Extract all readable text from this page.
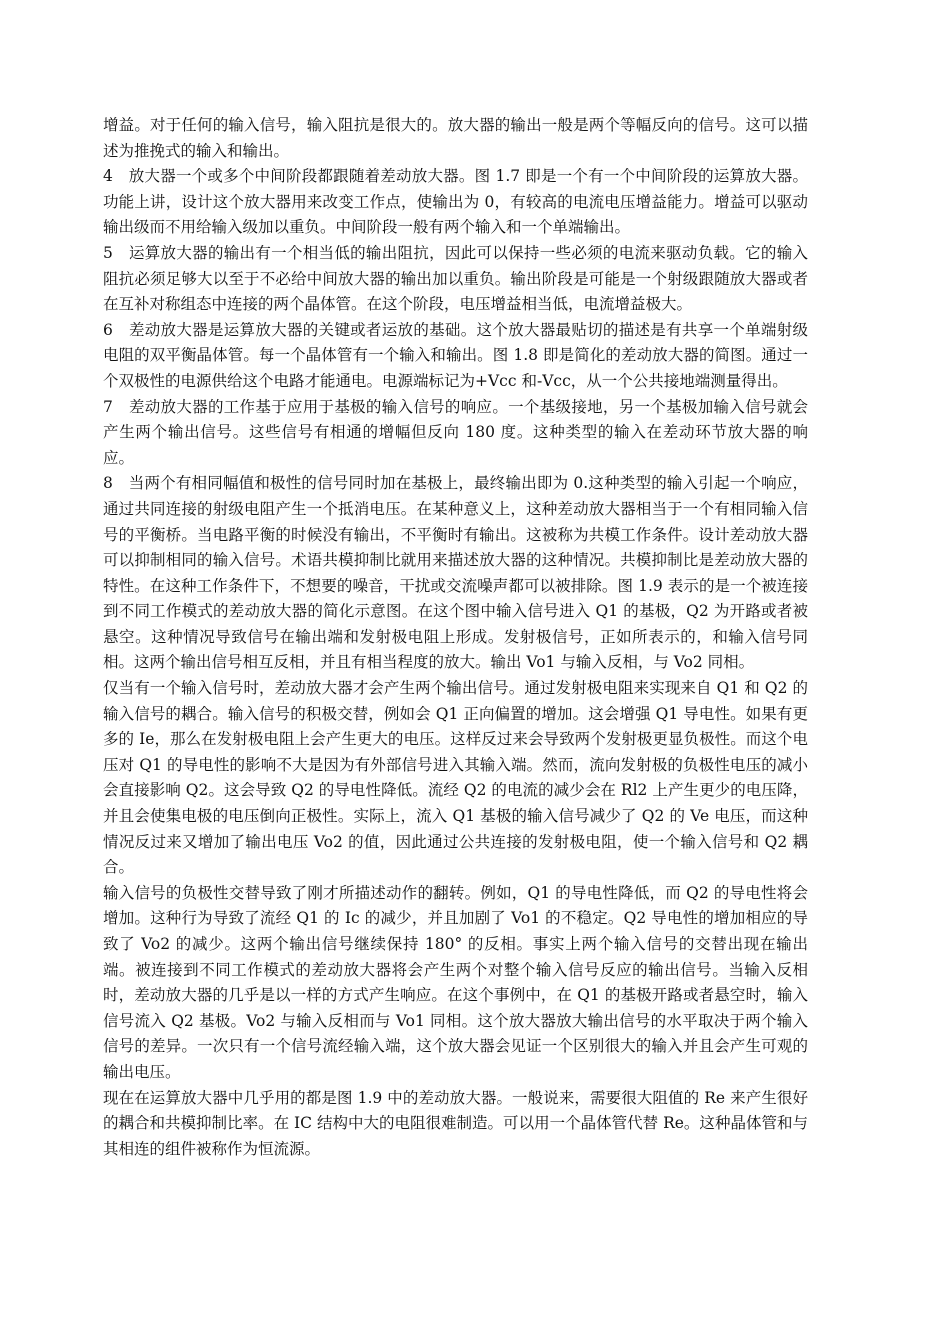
增益。对于任何的输入信号，输入阻抗是很大的。放大器的输出一般是两个等幅反向的信号。这可以描述为推挽式的输入和输出。

4　放大器一个或多个中间阶段都跟随着差动放大器。图 1.7 即是一个有一个中间阶段的运算放大器。功能上讲，设计这个放大器用来改变工作点，使输出为 0，有较高的电流电压增益能力。增益可以驱动输出级而不用给输入级加以重负。中间阶段一般有两个输入和一个单端输出。

5　运算放大器的输出有一个相当低的输出阻抗，因此可以保持一些必须的电流来驱动负载。它的输入阻抗必须足够大以至于不必给中间放大器的输出加以重负。输出阶段是可能是一个射级跟随放大器或者在互补对称组态中连接的两个晶体管。在这个阶段，电压增益相当低，电流增益极大。

6　差动放大器是运算放大器的关键或者运放的基础。这个放大器最贴切的描述是有共享一个单端射级电阻的双平衡晶体管。每一个晶体管有一个输入和输出。图 1.8 即是简化的差动放大器的简图。通过一个双极性的电源供给这个电路才能通电。电源端标记为+Vcc 和-Vcc，从一个公共接地端测量得出。

7　差动放大器的工作基于应用于基极的输入信号的响应。一个基级接地，另一个基极加输入信号就会产生两个输出信号。这些信号有相通的增幅但反向 180 度。这种类型的输入在差动环节放大器的响应。

8　当两个有相同幅值和极性的信号同时加在基极上，最终输出即为 0.这种类型的输入引起一个响应，通过共同连接的射级电阻产生一个抵消电压。在某种意义上，这种差动放大器相当于一个有相同输入信号的平衡桥。当电路平衡的时候没有输出，不平衡时有输出。这被称为共模工作条件。设计差动放大器可以抑制相同的输入信号。术语共模抑制比就用来描述放大器的这种情况。共模抑制比是差动放大器的特性。在这种工作条件下，不想要的噪音，干扰或交流噪声都可以被排除。图 1.9 表示的是一个被连接到不同工作模式的差动放大器的简化示意图。在这个图中输入信号进入 Q1 的基极，Q2 为开路或者被悬空。这种情况导致信号在输出端和发射极电阻上形成。发射极信号，正如所表示的，和输入信号同相。这两个输出信号相互反相，并且有相当程度的放大。输出 Vo1 与输入反相，与 Vo2 同相。

仅当有一个输入信号时，差动放大器才会产生两个输出信号。通过发射极电阻来实现来自 Q1 和 Q2 的输入信号的耦合。输入信号的积极交替，例如会 Q1 正向偏置的增加。这会增强 Q1 导电性。如果有更多的 Ie，那么在发射极电阻上会产生更大的电压。这样反过来会导致两个发射极更显负极性。而这个电压对 Q1 的导电性的影响不大是因为有外部信号进入其输入端。然而，流向发射极的负极性电压的减小会直接影响 Q2。这会导致 Q2 的导电性降低。流经 Q2 的电流的减少会在 Rl2 上产生更少的电压降，并且会使集电极的电压倒向正极性。实际上，流入 Q1 基极的输入信号减少了 Q2 的 Ve 电压，而这种情况反过来又增加了输出电压 Vo2 的值，因此通过公共连接的发射极电阻，使一个输入信号和 Q2 耦合。

输入信号的负极性交替导致了刚才所描述动作的翻转。例如，Q1 的导电性降低，而 Q2 的导电性将会增加。这种行为导致了流经 Q1 的 Ic 的减少，并且加剧了 Vo1 的不稳定。Q2 导电性的增加相应的导致了 Vo2 的减少。这两个输出信号继续保持 180° 的反相。事实上两个输入信号的交替出现在输出端。被连接到不同工作模式的差动放大器将会产生两个对整个输入信号反应的输出信号。当输入反相时，差动放大器的几乎是以一样的方式产生响应。在这个事例中，在 Q1 的基极开路或者悬空时，输入信号流入 Q2 基极。Vo2 与输入反相而与 Vo1 同相。这个放大器放大输出信号的水平取决于两个输入信号的差异。一次只有一个信号流经输入端，这个放大器会见证一个区别很大的输入并且会产生可观的输出电压。

现在在运算放大器中几乎用的都是图 1.9 中的差动放大器。一般说来，需要很大阻值的 Re 来产生很好的耦合和共模抑制比率。在 IC 结构中大的电阻很难制造。可以用一个晶体管代替 Re。这种晶体管和与其相连的组件被称作为恒流源。
